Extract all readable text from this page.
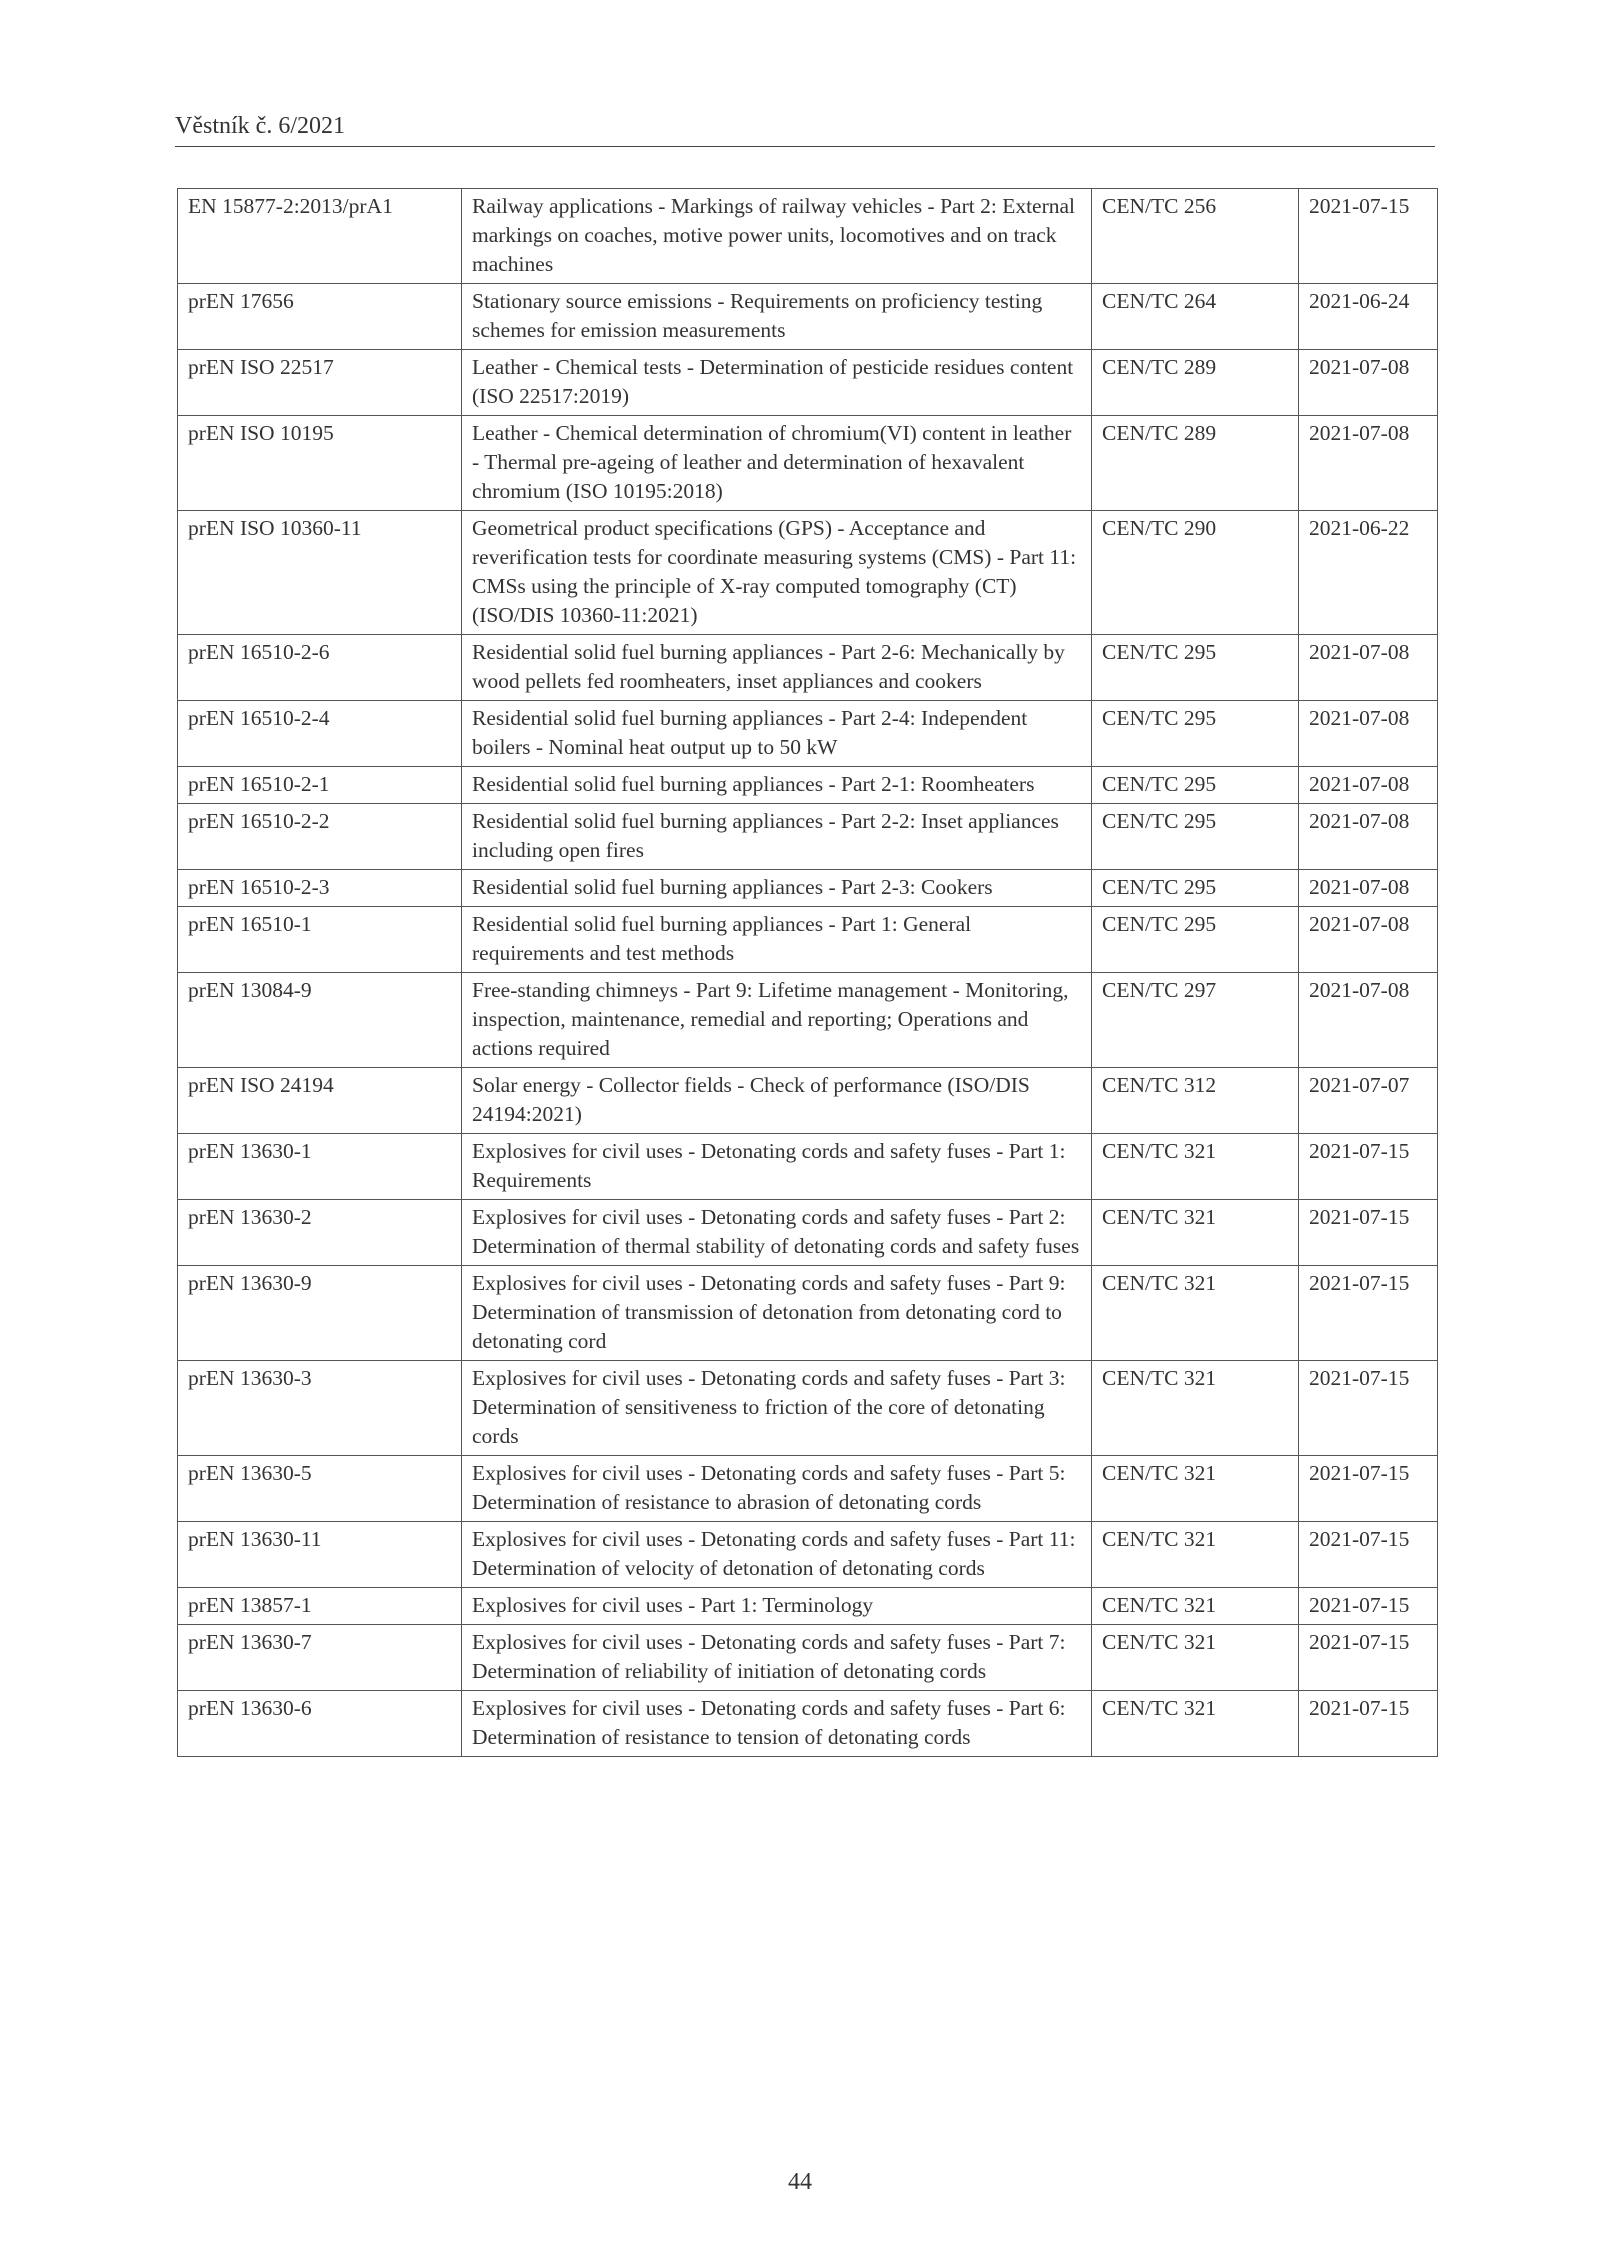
Věstník č. 6/2021
EN 15877-2:2013/prA1	Railway applications - Markings of railway vehicles - Part 2: External markings on coaches, motive power units, locomotives and on track machines	CEN/TC 256	2021-07-15
prEN 17656	Stationary source emissions - Requirements on proficiency testing schemes for emission measurements	CEN/TC 264	2021-06-24
prEN ISO 22517	Leather - Chemical tests - Determination of pesticide residues content (ISO 22517:2019)	CEN/TC 289	2021-07-08
prEN ISO 10195	Leather - Chemical determination of chromium(VI) content in leather - Thermal pre-ageing of leather and determination of hexavalent chromium (ISO 10195:2018)	CEN/TC 289	2021-07-08
prEN ISO 10360-11	Geometrical product specifications (GPS) - Acceptance and reverification tests for coordinate measuring systems (CMS) - Part 11: CMSs using the principle of X-ray computed tomography (CT) (ISO/DIS 10360-11:2021)	CEN/TC 290	2021-06-22
prEN 16510-2-6	Residential solid fuel burning appliances - Part 2-6: Mechanically by wood pellets fed roomheaters, inset appliances and cookers	CEN/TC 295	2021-07-08
prEN 16510-2-4	Residential solid fuel burning appliances - Part 2-4: Independent boilers - Nominal heat output up to 50 kW	CEN/TC 295	2021-07-08
prEN 16510-2-1	Residential solid fuel burning appliances - Part 2-1: Roomheaters	CEN/TC 295	2021-07-08
prEN 16510-2-2	Residential solid fuel burning appliances - Part 2-2: Inset appliances including open fires	CEN/TC 295	2021-07-08
prEN 16510-2-3	Residential solid fuel burning appliances - Part 2-3: Cookers	CEN/TC 295	2021-07-08
prEN 16510-1	Residential solid fuel burning appliances - Part 1: General requirements and test methods	CEN/TC 295	2021-07-08
prEN 13084-9	Free-standing chimneys - Part 9: Lifetime management - Monitoring, inspection, maintenance, remedial and reporting; Operations and actions required	CEN/TC 297	2021-07-08
prEN ISO 24194	Solar energy - Collector fields - Check of performance (ISO/DIS 24194:2021)	CEN/TC 312	2021-07-07
prEN 13630-1	Explosives for civil uses - Detonating cords and safety fuses - Part 1: Requirements	CEN/TC 321	2021-07-15
prEN 13630-2	Explosives for civil uses - Detonating cords and safety fuses - Part 2: Determination of thermal stability of detonating cords and safety fuses	CEN/TC 321	2021-07-15
prEN 13630-9	Explosives for civil uses - Detonating cords and safety fuses - Part 9: Determination of transmission of detonation from detonating cord to detonating cord	CEN/TC 321	2021-07-15
prEN 13630-3	Explosives for civil uses - Detonating cords and safety fuses - Part 3: Determination of sensitiveness to friction of the core of detonating cords	CEN/TC 321	2021-07-15
prEN 13630-5	Explosives for civil uses - Detonating cords and safety fuses - Part 5: Determination of resistance to abrasion of detonating cords	CEN/TC 321	2021-07-15
prEN 13630-11	Explosives for civil uses - Detonating cords and safety fuses - Part 11: Determination of velocity of detonation of detonating cords	CEN/TC 321	2021-07-15
prEN 13857-1	Explosives for civil uses - Part 1: Terminology	CEN/TC 321	2021-07-15
prEN 13630-7	Explosives for civil uses - Detonating cords and safety fuses - Part 7: Determination of reliability of initiation of detonating cords	CEN/TC 321	2021-07-15
prEN 13630-6	Explosives for civil uses - Detonating cords and safety fuses - Part 6: Determination of resistance to tension of detonating cords	CEN/TC 321	2021-07-15
44
